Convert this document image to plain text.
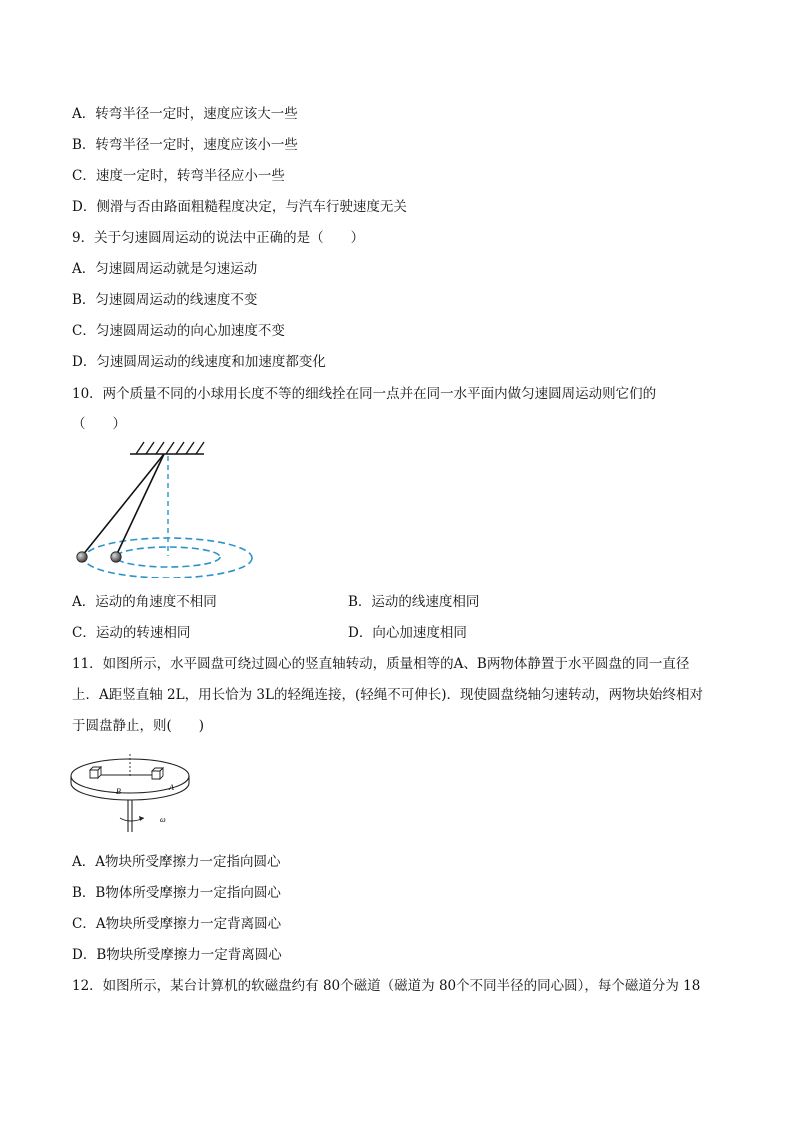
A．转弯半径一定时，速度应该大一些
B．转弯半径一定时，速度应该小一些
C．速度一定时，转弯半径应小一些
D．侧滑与否由路面粗糙程度决定，与汽车行驶速度无关
9．关于匀速圆周运动的说法中正确的是（　　）
A．匀速圆周运动就是匀速运动
B．匀速圆周运动的线速度不变
C．匀速圆周运动的向心加速度不变
D．匀速圆周运动的线速度和加速度都变化
10．两个质量不同的小球用长度不等的细线拴在同一点并在同一水平面内做匀速圆周运动则它们的
（　　）
A．运动的角速度不相同	B．运动的线速度相同
C．运动的转速相同	D．向心加速度相同
11．如图所示，水平圆盘可绕过圆心的竖直轴转动，质量相等的A、B两物体静置于水平圆盘的同一直径
上．A距竖直轴 2L，用长恰为 3L的轻绳连接，(轻绳不可伸长)．现使圆盘绕轴匀速转动，两物块始终相对
于圆盘静止，则(　　)
B	A
ω
A．A物块所受摩擦力一定指向圆心
B．B物体所受摩擦力一定指向圆心
C．A物块所受摩擦力一定背离圆心
D．B物块所受摩擦力一定背离圆心
12．如图所示，某台计算机的软磁盘约有 80个磁道（磁道为 80个不同半径的同心圆），每个磁道分为 18
